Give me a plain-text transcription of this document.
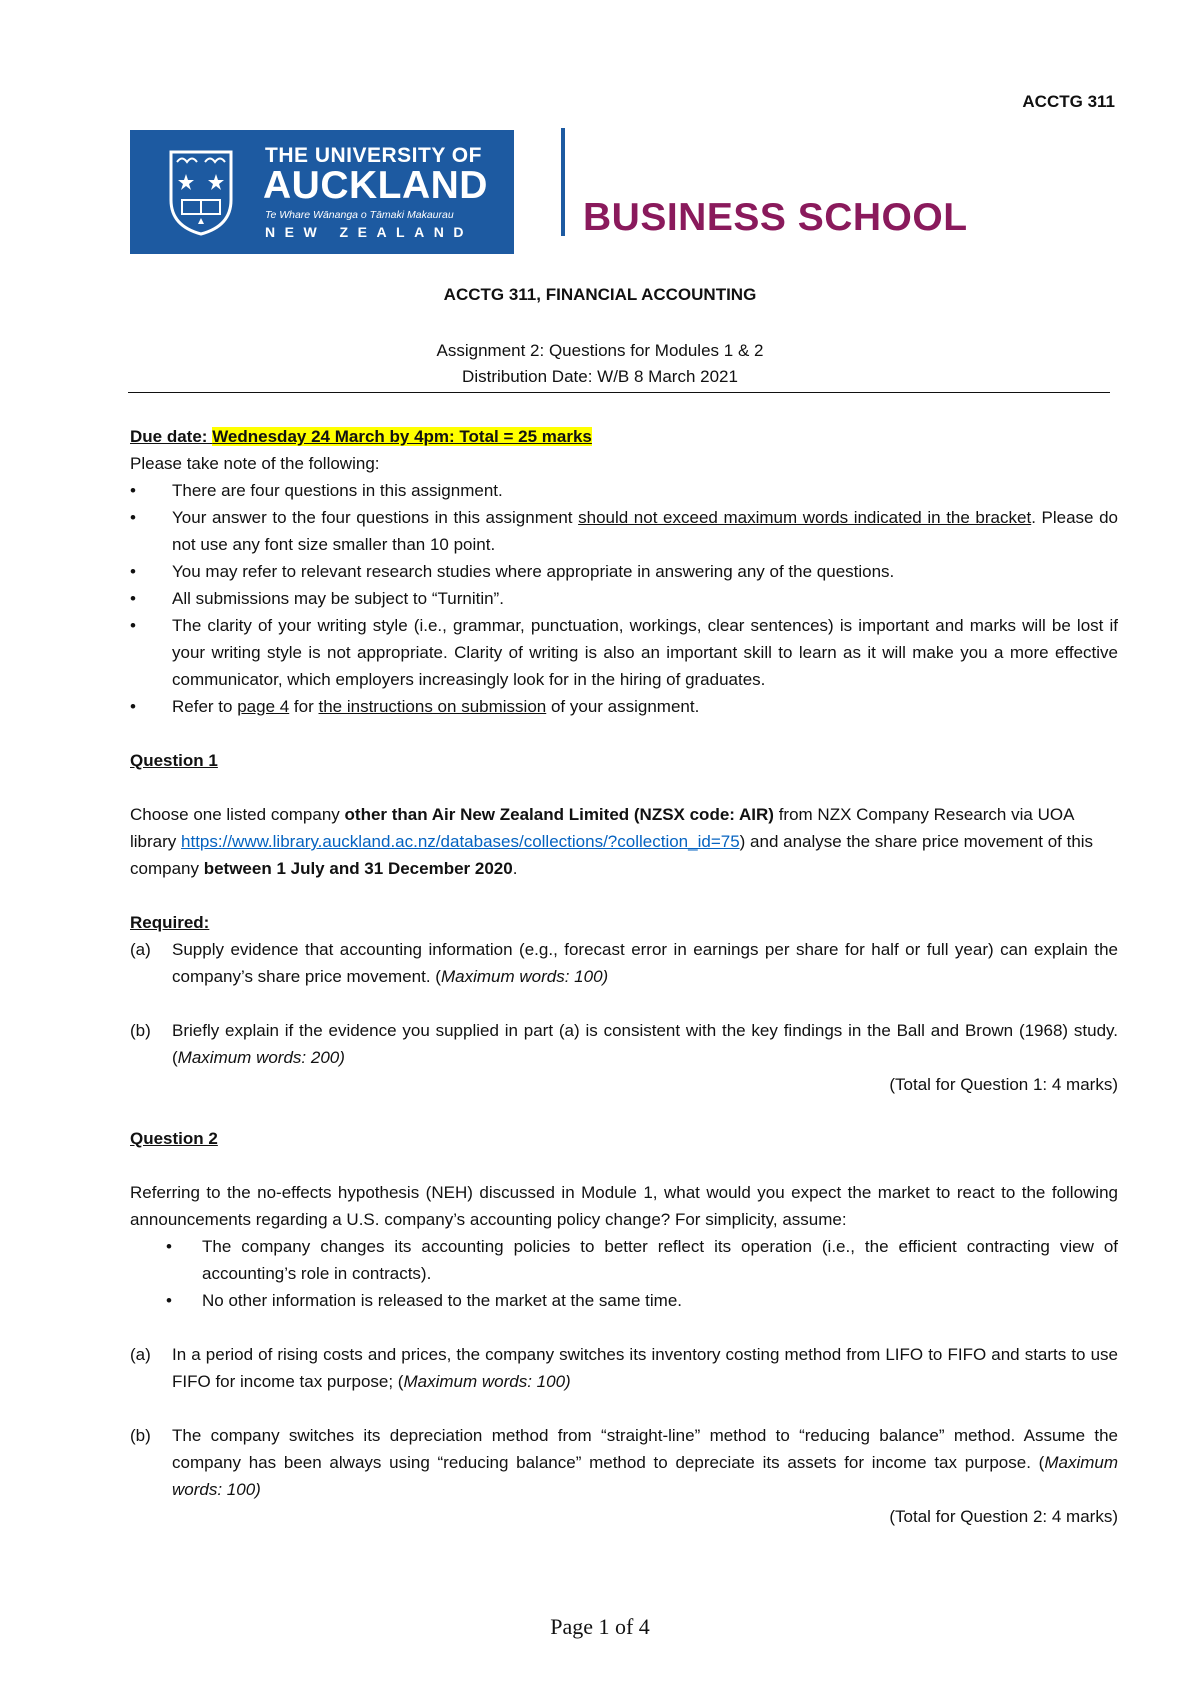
ACCTG 311
THE UNIVERSITY OF
AUCKLAND
Te Whare Wānanga o Tāmaki Makaurau
NEW ZEALAND	BUSINESS SCHOOL
ACCTG 311, FINANCIAL ACCOUNTING
Assignment 2: Questions for Modules 1 & 2
Distribution Date: W/B 8 March 2021

Due date: Wednesday 24 March by 4pm: Total = 25 marks

Please take note of the following:

• There are four questions in this assignment.
• Your answer to the four questions in this assignment should not exceed maximum words indicated in the bracket. Please do not use any font size smaller than 10 point.
• You may refer to relevant research studies where appropriate in answering any of the questions.
• All submissions may be subject to “Turnitin”.
• The clarity of your writing style (i.e., grammar, punctuation, workings, clear sentences) is important and marks will be lost if your writing style is not appropriate. Clarity of writing is also an important skill to learn as it will make you a more effective communicator, which employers increasingly look for in the hiring of graduates.
• Refer to page 4 for the instructions on submission of your assignment.

Question 1

Choose one listed company other than Air New Zealand Limited (NZSX code: AIR) from NZX Company Research via UOA library https://www.library.auckland.ac.nz/databases/collections/?collection_id=75) and analyse the share price movement of this company between 1 July and 31 December 2020.

Required:

(a) Supply evidence that accounting information (e.g., forecast error in earnings per share for half or full year) can explain the company’s share price movement. (Maximum words: 100)
(b) Briefly explain if the evidence you supplied in part (a) is consistent with the key findings in the Ball and Brown (1968) study. (Maximum words: 200)

(Total for Question 1: 4 marks)

Question 2

Referring to the no-effects hypothesis (NEH) discussed in Module 1, what would you expect the market to react to the following announcements regarding a U.S. company’s accounting policy change? For simplicity, assume:

• The company changes its accounting policies to better reflect its operation (i.e., the efficient contracting view of accounting’s role in contracts).
• No other information is released to the market at the same time.
(a) In a period of rising costs and prices, the company switches its inventory costing method from LIFO to FIFO and starts to use FIFO for income tax purpose; (Maximum words: 100)
(b) The company switches its depreciation method from “straight-line” method to “reducing balance” method. Assume the company has been always using “reducing balance” method to depreciate its assets for income tax purpose. (Maximum words: 100)

(Total for Question 2: 4 marks)

Page 1 of 4
